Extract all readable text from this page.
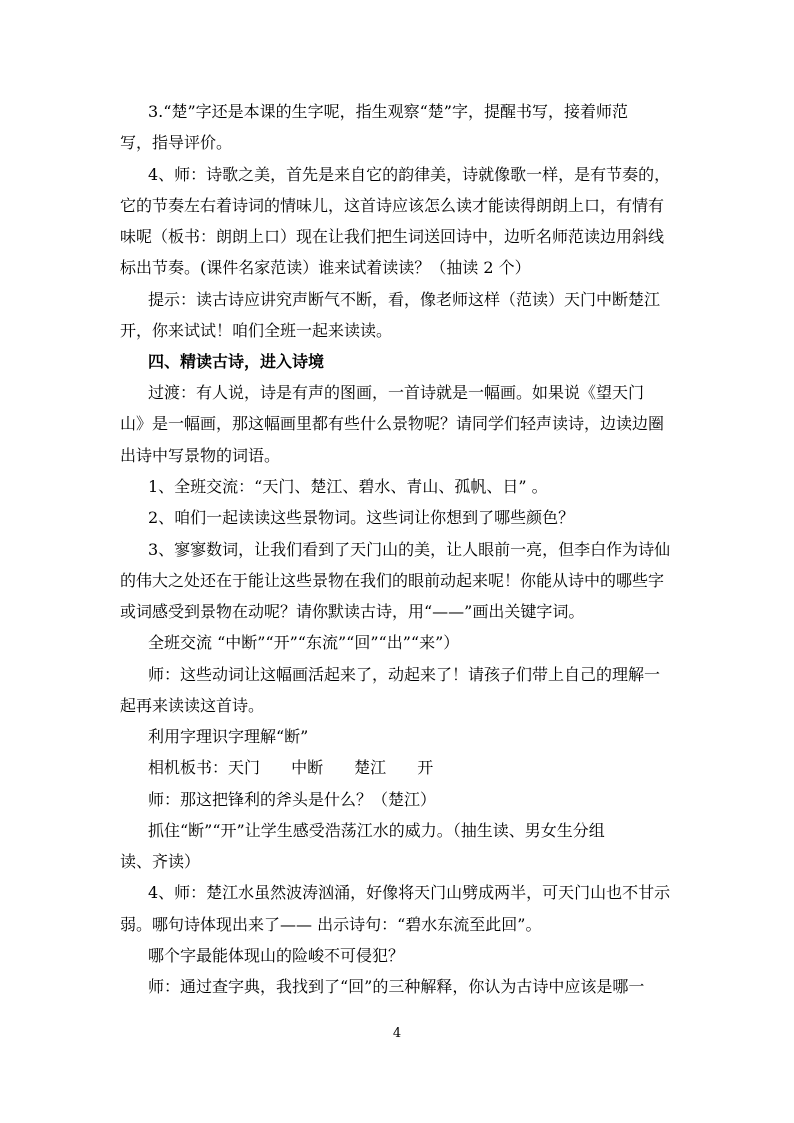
3.“楚”字还是本课的生字呢，指生观察“楚”字，提醒书写，接着师范
写，指导评价。
4、师：诗歌之美，首先是来自它的韵律美，诗就像歌一样，是有节奏的，
它的节奏左右着诗词的情味儿，这首诗应该怎么读才能读得朗朗上口，有情有
味呢（板书：朗朗上口）现在让我们把生词送回诗中，边听名师范读边用斜线
标出节奏。(课件名家范读）谁来试着读读？（抽读 2 个）
提示：读古诗应讲究声断气不断，看，像老师这样（范读）天门中断楚江
开，你来试试！咱们全班一起来读读。
四、精读古诗，进入诗境
过渡：有人说，诗是有声的图画，一首诗就是一幅画。如果说《望天门
山》是一幅画，那这幅画里都有些什么景物呢？请同学们轻声读诗，边读边圈
出诗中写景物的词语。
1、全班交流：“天门、楚江、碧水、青山、孤帆、日” 。
2、咱们一起读读这些景物词。这些词让你想到了哪些颜色？
3、寥寥数词，让我们看到了天门山的美，让人眼前一亮，但李白作为诗仙
的伟大之处还在于能让这些景物在我们的眼前动起来呢！你能从诗中的哪些字
或词感受到景物在动呢？请你默读古诗，用“——”画出关键字词。
全班交流 “中断”“开”“东流”“回”“出”“来”）
师：这些动词让这幅画活起来了，动起来了！请孩子们带上自己的理解一
起再来读读这首诗。
利用字理识字理解“断”
相机板书：天门 中断 楚江 开
师：那这把锋利的斧头是什么？（楚江）
抓住“断”“开”让学生感受浩荡江水的威力。（抽生读、男女生分组
读、齐读）
4、师：楚江水虽然波涛汹涌，好像将天门山劈成两半，可天门山也不甘示
弱。哪句诗体现出来了—— 出示诗句：“碧水东流至此回”。
哪个字最能体现山的险峻不可侵犯？
师：通过查字典，我找到了“回”的三种解释，你认为古诗中应该是哪一
4
